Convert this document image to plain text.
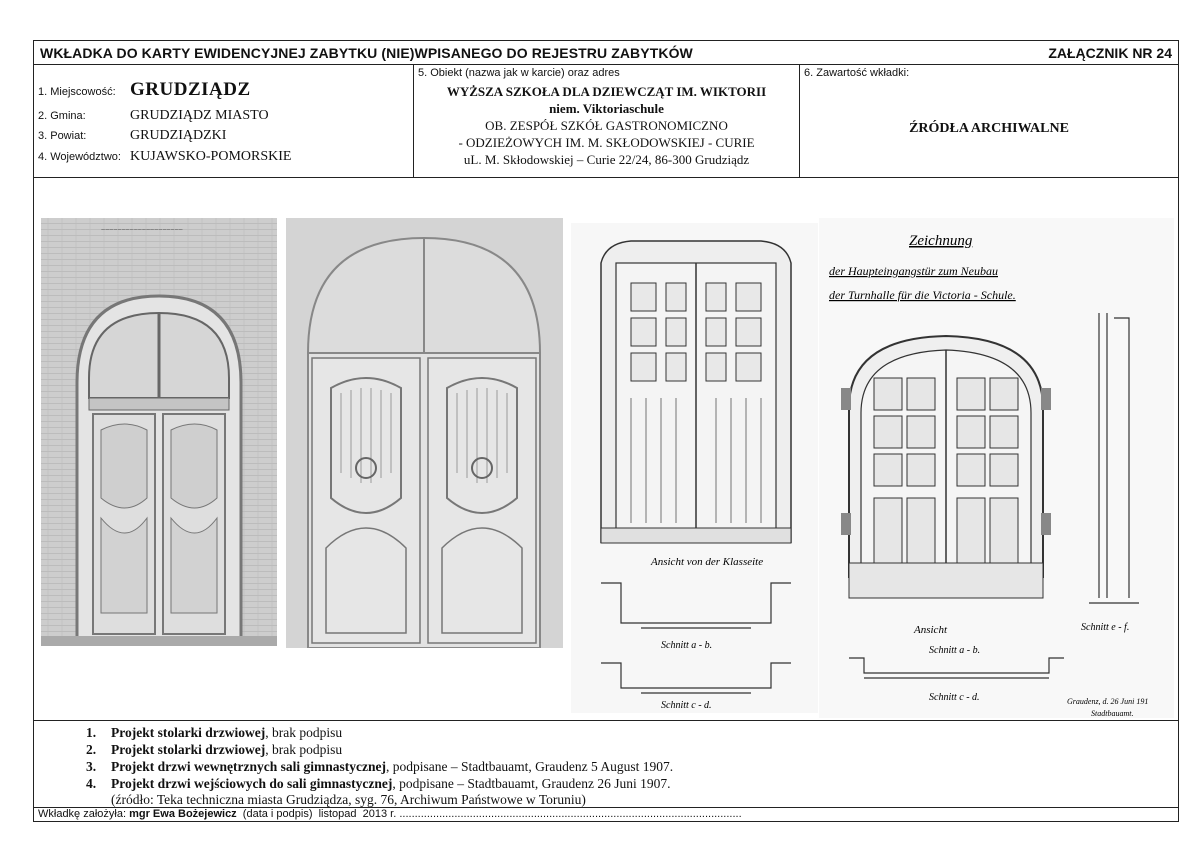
WKŁADKA DO KARTY EWIDENCYJNEJ ZABYTKU (NIE)WPISANEGO DO REJESTRU ZABYTKÓW	ZAŁĄCZNIK NR 24
1. Miejscowość: GRUDZIĄDZ
2. Gmina:	GRUDZIĄDZ MIASTO
3. Powiat:	GRUDZIĄDZKI
4. Województwo: KUJAWSKO-POMORSKIE
5. Obiekt (nazwa jak w karcie) oraz adres
WYŻSZA SZKOŁA DLA DZIEWCZĄT IM. WIKTORII
niem. Viktoriaschule
OB. ZESPÓŁ SZKÓŁ GASTRONOMICZNO
- ODZIEŻOWYCH IM. M. SKŁODOWSKIEJ - CURIE
uL. M. Skłodowskiej – Curie 22/24, 86-300 Grudziądz
6. Zawartość wkładki:
ŹRÓDŁA ARCHIWALNE
~~~~~~~~~~~~~~~~~~~~
Ansicht von der Klasseite
Schnitt a - b.
Schnitt c - d.
Zeichnung
der Haupteingangstür zum Neubau
der Turnhalle für die Victoria - Schule.
Ansicht	Schnitt e - f.
Schnitt a - b.
Schnitt c - d.	Graudenz, d. 26 Juni 191
Stadtbauamt.
1. Projekt stolarki drzwiowej, brak podpisu
2. Projekt stolarki drzwiowej, brak podpisu
3. Projekt drzwi wewnętrznych sali gimnastycznej, podpisane – Stadtbauamt, Graudenz 5 August 1907.
4. Projekt drzwi wejściowych do sali gimnastycznej, podpisane – Stadtbauamt, Graudenz 26 Juni 1907.
(źródło: Teka techniczna miasta Grudziądza, syg. 76, Archiwum Państwowe w Toruniu)
Wkładkę założyła: mgr Ewa Bożejewicz  (data i podpis)  listopad  2013 r. ................................................................................................................
